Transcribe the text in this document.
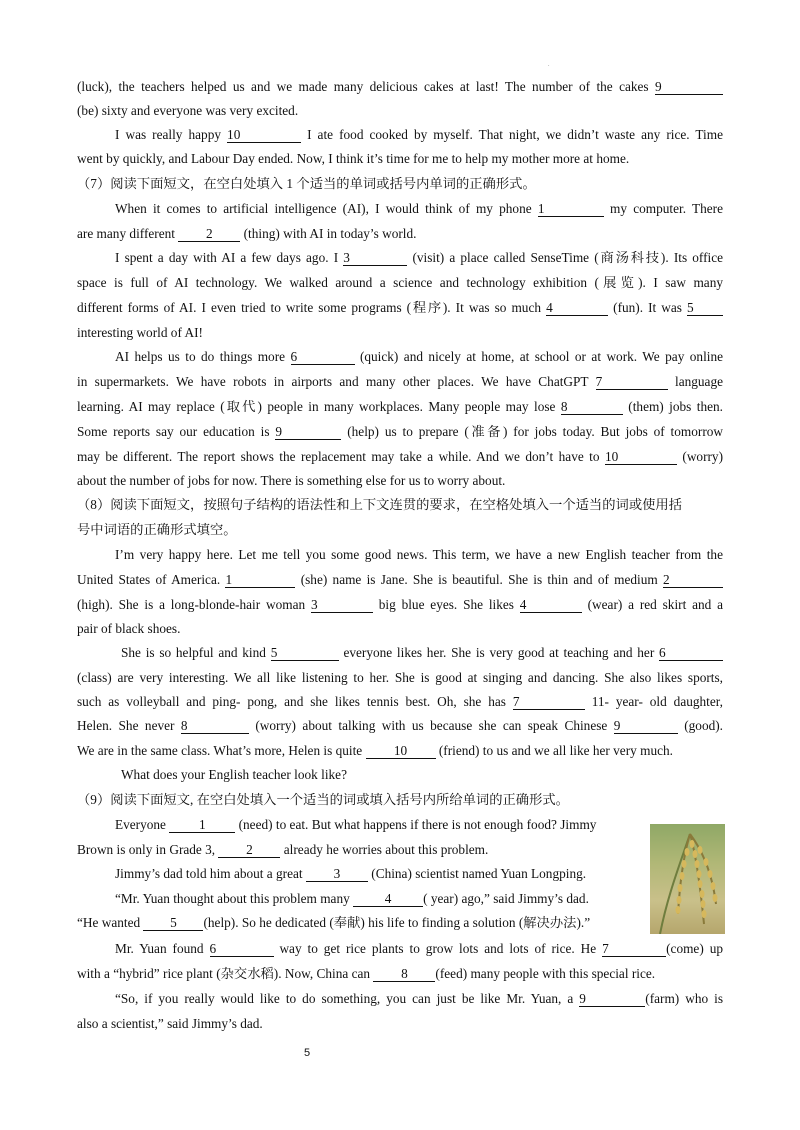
.
(luck), the teachers helped us and we made many delicious cakes at last! The number of the cakes 9
(be) sixty and everyone was very excited.
I was really happy 10	I ate food cooked by myself. That night, we didn’t waste any rice. Time
went by quickly, and Labour Day ended. Now, I think it’s time for me to help my mother more at home.
（7）阅读下面短文，在空白处填入 1 个适当的单词或括号内单词的正确形式。
When it comes to artificial intelligence (AI), I would think of my phone 1	my computer. There
are many different 2 (thing) with AI in today’s world.
I spent a day with AI a few days ago. I 3	(visit) a place called SenseTime (商汤科技). Its office
space is full of AI technology. We walked around a science and technology exhibition (展览). I saw many
different forms of AI. I even tried to write some programs (程序). It was so much 4	(fun). It was 5
interesting world of AI!
AI helps us to do things more 6	(quick) and nicely at home, at school or at work. We pay online
in supermarkets. We have robots in airports and many other places. We have ChatGPT 7	language
learning. AI may replace (取代) people in many workplaces. Many people may lose 8	(them) jobs then.
Some reports say our education is 9	(help) us to prepare (准备) for jobs today. But jobs of tomorrow
may be different. The report shows the replacement may take a while. And we don’t have to 10	(worry)
about the number of jobs for now. There is something else for us to worry about.
（8）阅读下面短文，按照句子结构的语法性和上下文连贯的要求，在空格处填入一个适当的词或使用括
号中词语的正确形式填空。
I’m very happy here. Let me tell you some good news. This term, we have a new English teacher from the
United States of America. 1	(she) name is Jane. She is beautiful. She is thin and of medium 2
(high). She is a long-blonde-hair woman 3	big blue eyes. She likes 4	(wear) a red skirt and a
pair of black shoes.
She is so helpful and kind 5	everyone likes her. She is very good at teaching and her 6
(class) are very interesting. We all like listening to her. She is good at singing and dancing. She also likes sports,
such as volleyball and ping- pong, and she likes tennis best. Oh, she has 7	11- year- old daughter,
Helen. She never 8	(worry) about talking with us because she can speak Chinese 9	(good).
We are in the same class. What’s more, Helen is quite 10 (friend) to us and we all like her very much.
What does your English teacher look like?
（9）阅读下面短文, 在空白处填入一个适当的词或填入括号内所给单词的正确形式。
Everyone 1 (need) to eat. But what happens if there is not enough food? Jimmy
Brown is only in Grade 3, 2 already he worries about this problem.
Jimmy’s dad told him about a great 3 (China) scientist named Yuan Longping.
“Mr. Yuan thought about this problem many	4 ( year) ago,” said Jimmy’s dad.
“He wanted 5 (help). So he dedicated (奉献) his life to finding a solution (解决办法).”
Mr. Yuan found 6	way to get rice plants to grow lots and lots of rice. He 7	(come) up
with a “hybrid” rice plant (杂交水稻). Now, China can 8 (feed) many people with this special rice.
“So, if you really would like to do something, you can just be like Mr. Yuan, a 9	(farm) who is
also a scientist,” said Jimmy’s dad.
5
